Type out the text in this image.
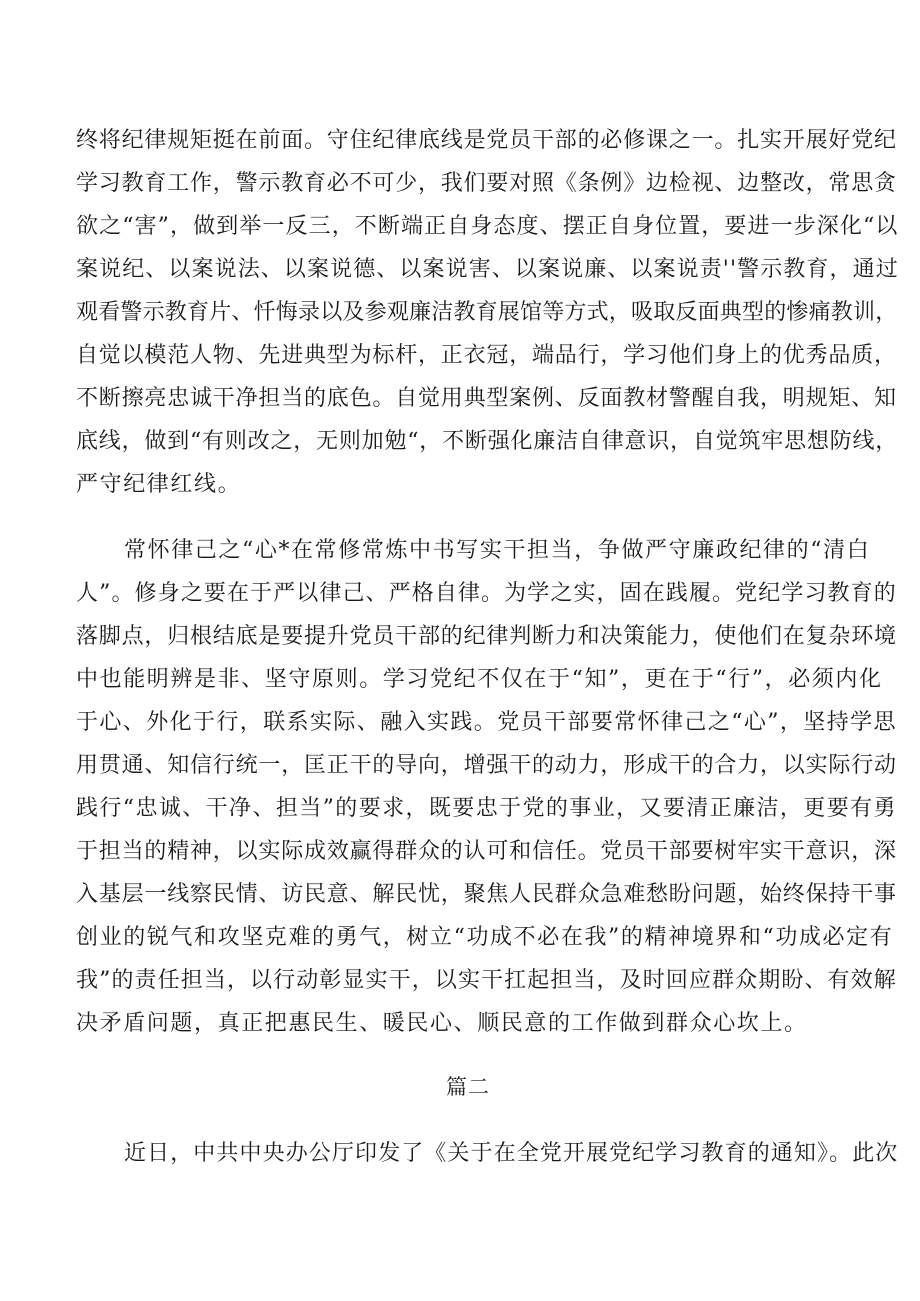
终将纪律规矩挺在前面。守住纪律底线是党员干部的必修课之一。扎实开展好党纪
学习教育工作，警示教育必不可少，我们要对照《条例》边检视、边整改，常思贪
欲之“害”，做到举一反三，不断端正自身态度、摆正自身位置，要进一步深化“以
案说纪、以案说法、以案说德、以案说害、以案说廉、以案说责''警示教育，通过
观看警示教育片、忏悔录以及参观廉洁教育展馆等方式，吸取反面典型的惨痛教训，
自觉以模范人物、先进典型为标杆，正衣冠，端品行，学习他们身上的优秀品质，
不断擦亮忠诚干净担当的底色。自觉用典型案例、反面教材警醒自我，明规矩、知
底线，做到“有则改之，无则加勉“，不断强化廉洁自律意识，自觉筑牢思想防线，
严守纪律红线。
常怀律己之“心*在常修常炼中书写实干担当，争做严守廉政纪律的“清白
人”。修身之要在于严以律己、严格自律。为学之实，固在践履。党纪学习教育的
落脚点，归根结底是要提升党员干部的纪律判断力和决策能力，使他们在复杂环境
中也能明辨是非、坚守原则。学习党纪不仅在于“知”，更在于“行”，必须内化
于心、外化于行，联系实际、融入实践。党员干部要常怀律己之“心”，坚持学思
用贯通、知信行统一，匡正干的导向，增强干的动力，形成干的合力，以实际行动
践行“忠诚、干净、担当”的要求，既要忠于党的事业，又要清正廉洁，更要有勇
于担当的精神，以实际成效赢得群众的认可和信任。党员干部要树牢实干意识，深
入基层一线察民情、访民意、解民忧，聚焦人民群众急难愁盼问题，始终保持干事
创业的锐气和攻坚克难的勇气，树立“功成不必在我”的精神境界和“功成必定有
我”的责任担当，以行动彰显实干，以实干扛起担当，及时回应群众期盼、有效解
决矛盾问题，真正把惠民生、暖民心、顺民意的工作做到群众心坎上。
篇二
近日，中共中央办公厅印发了《关于在全党开展党纪学习教育的通知》。此次
